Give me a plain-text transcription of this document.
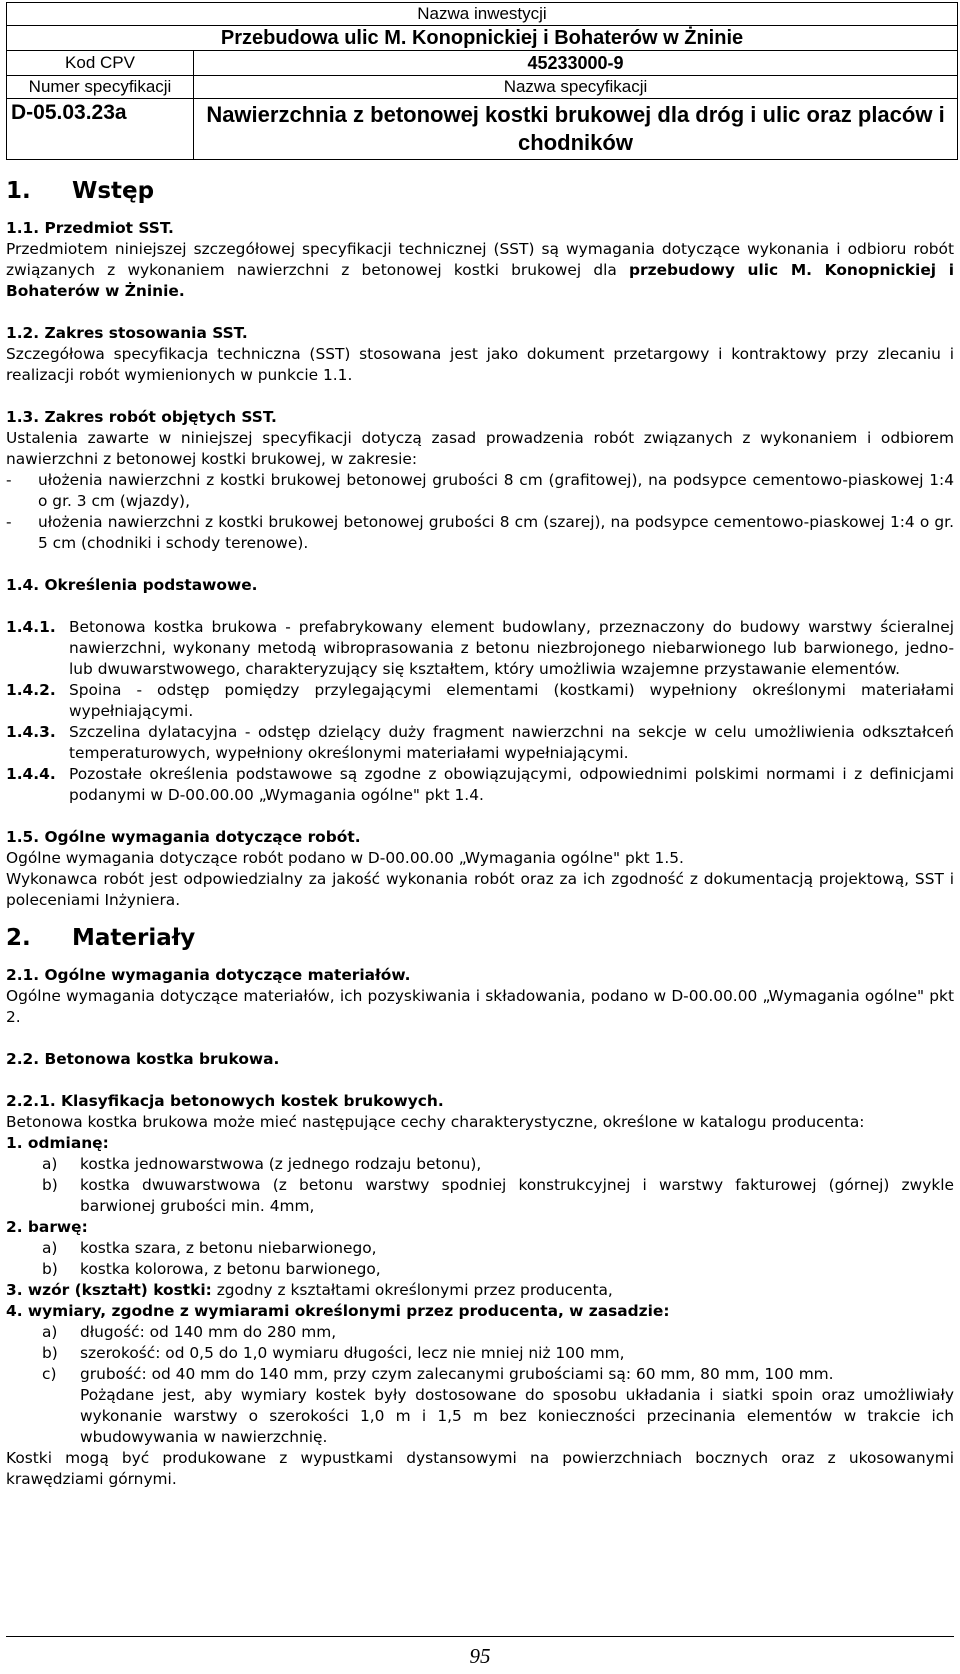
Nazwa inwestycji	
Przebudowa ulic M. Konopnickiej i Bohaterów w Żninie	
Kod CPV	45233000-9
Numer specyfikacji	Nazwa specyfikacji
D-05.03.23a	Nawierzchnia z betonowej kostki brukowej dla dróg i ulic oraz placów i chodników
1. Wstęp

1.1. Przedmiot SST.

Przedmiotem niniejszej szczegółowej specyfikacji technicznej (SST) są wymagania dotyczące wykonania i odbioru robót związanych z wykonaniem nawierzchni z betonowej kostki brukowej dla przebudowy ulic M. Konopnickiej i Bohaterów w Żninie.

1.2. Zakres stosowania SST.

Szczegółowa specyfikacja techniczna (SST) stosowana jest jako dokument przetargowy i kontraktowy przy zlecaniu i realizacji robót wymienionych w punkcie 1.1.

1.3. Zakres robót objętych SST.

Ustalenia zawarte w niniejszej specyfikacji dotyczą zasad prowadzenia robót związanych z wykonaniem i odbiorem nawierzchni z betonowej kostki brukowej, w zakresie:

-	ułożenia nawierzchni z kostki brukowej betonowej grubości 8 cm (grafitowej), na podsypce cementowo-piaskowej 1:4 o gr. 3 cm (wjazdy),
-	ułożenia nawierzchni z kostki brukowej betonowej grubości 8 cm (szarej), na podsypce cementowo-piaskowej 1:4 o gr. 5 cm (chodniki i schody terenowe).

1.4. Określenia podstawowe.

1.4.1. Betonowa kostka brukowa - prefabrykowany element budowlany, przeznaczony do budowy warstwy ścieralnej nawierzchni, wykonany metodą wibroprasowania z betonu niezbrojonego niebarwionego lub barwionego, jedno- lub dwuwarstwowego, charakteryzujący się kształtem, który umożliwia wzajemne przystawanie elementów.
1.4.2. Spoina - odstęp pomiędzy przylegającymi elementami (kostkami) wypełniony określonymi materiałami wypełniającymi.
1.4.3. Szczelina dylatacyjna - odstęp dzielący duży fragment nawierzchni na sekcje w celu umożliwienia odkształceń temperaturowych, wypełniony określonymi materiałami wypełniającymi.
1.4.4. Pozostałe określenia podstawowe są zgodne z obowiązującymi, odpowiednimi polskimi normami i z definicjami podanymi w D-00.00.00 „Wymagania ogólne" pkt 1.4.

1.5. Ogólne wymagania dotyczące robót.

Ogólne wymagania dotyczące robót podano w D-00.00.00 „Wymagania ogólne" pkt 1.5.

Wykonawca robót jest odpowiedzialny za jakość wykonania robót oraz za ich zgodność z dokumentacją projektową, SST i poleceniami Inżyniera.

2. Materiały

2.1. Ogólne wymagania dotyczące materiałów.

Ogólne wymagania dotyczące materiałów, ich pozyskiwania i składowania, podano w D-00.00.00 „Wymagania ogólne" pkt 2.

2.2. Betonowa kostka brukowa.

2.2.1. Klasyfikacja betonowych kostek brukowych.

Betonowa kostka brukowa może mieć następujące cechy charakterystyczne, określone w katalogu producenta:

1. odmianę:

a)	kostka jednowarstwowa (z jednego rodzaju betonu),
b)	kostka dwuwarstwowa (z betonu warstwy spodniej konstrukcyjnej i warstwy fakturowej (górnej) zwykle barwionej grubości min. 4mm,

2. barwę:

a)	kostka szara, z betonu niebarwionego,
b)	kostka kolorowa, z betonu barwionego,

3. wzór (kształt) kostki: zgodny z kształtami określonymi przez producenta,

4. wymiary, zgodne z wymiarami określonymi przez producenta, w zasadzie:

a)	długość: od 140 mm do 280 mm,
b)	szerokość: od 0,5 do 1,0 wymiaru długości, lecz nie mniej niż 100 mm,
c)	grubość: od 40 mm do 140 mm, przy czym zalecanymi grubościami są: 60 mm, 80 mm, 100 mm.

Pożądane jest, aby wymiary kostek były dostosowane do sposobu układania i siatki spoin oraz umożliwiały wykonanie warstwy o szerokości 1,0 m i 1,5 m bez konieczności przecinania elementów w trakcie ich wbudowywania w nawierzchnię.

Kostki mogą być produkowane z wypustkami dystansowymi na powierzchniach bocznych oraz z ukosowanymi krawędziami górnymi.

95
